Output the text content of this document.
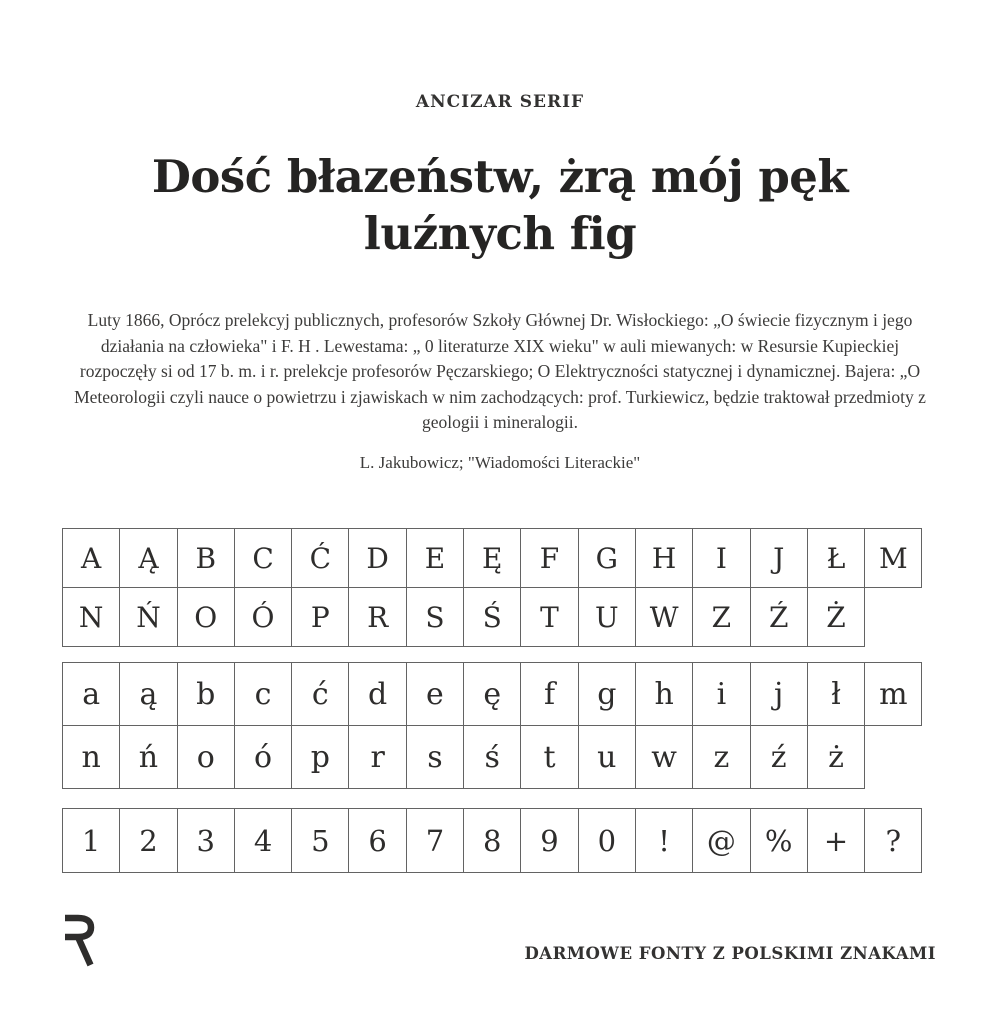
ANCIZAR SERIF
Dość błazeństw, żrą mój pęk
luźnych fig

Luty 1866, Oprócz prelekcyj publicznych, profesorów Szkoły Głównej Dr. Wisłockiego: „O świecie fizycznym i jego działania na człowieka" i F. H . Lewestama: „ 0 literaturze XIX wieku" w auli miewanych: w Resursie Kupieckiej rozpoczęły si od 17 b. m. i r. prelekcje profesorów Pęczarskiego; O Elektryczności statycznej i dynamicznej. Bajera: „O Meteorologii czyli nauce o powietrzu i zjawiskach w nim zachodzących: prof. Turkiewicz, będzie traktował przedmioty z geologii i mineralogii.

L. Jakubowicz; "Wiadomości Literackie"

A	Ą	B	C	Ć	D	E	Ę	F	G	H	I	J	Ł	M
N	Ń	O	Ó	P	R	S	Ś	T	U	W	Z	Ź	Ż
a	ą	b	c	ć	d	e	ę	f	g	h	i	j	ł	m
n	ń	o	ó	p	r	s	ś	t	u	w	z	ź	ż
1	2	3	4	5	6	7	8	9	0	!	@	%	+	?
DARMOWE FONTY Z POLSKIMI ZNAKAMI
